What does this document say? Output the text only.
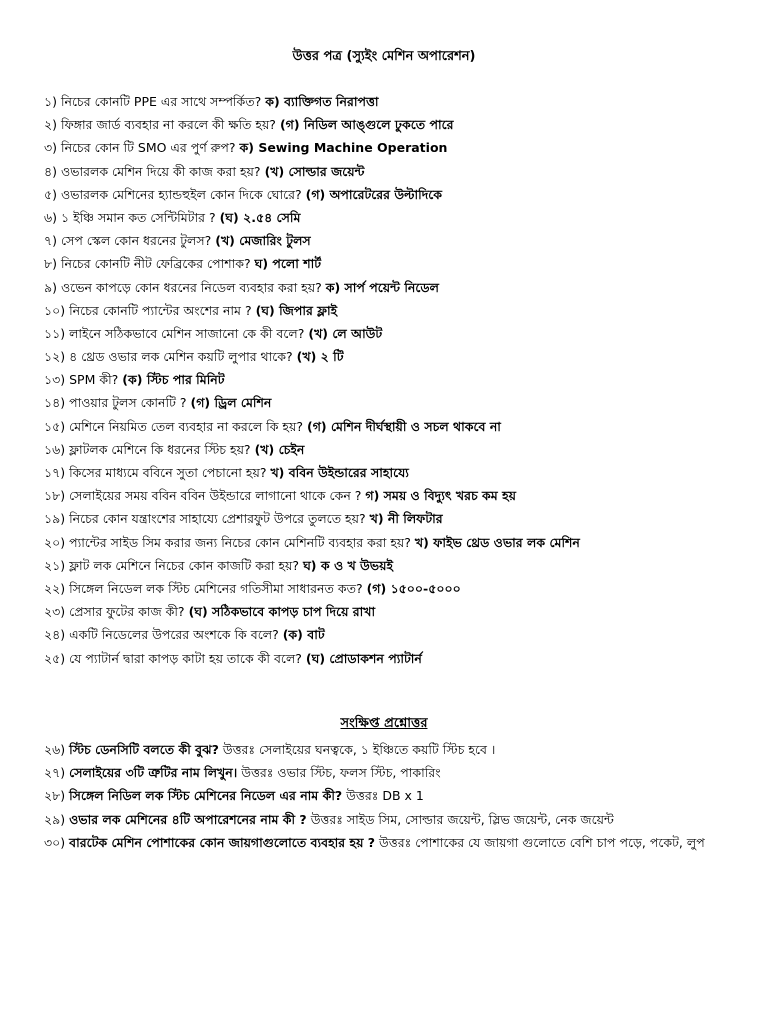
উত্তর পত্র (স্যুইং মেশিন অপারেশন)
১) নিচের কোনটি PPE এর সাথে সম্পর্কিত? ক) ব্যাক্তিগত নিরাপত্তা
২) ফিঙ্গার জার্ড ব্যবহার না করলে কী ক্ষতি হয়? (গ) নিডিল আঙ্গুলে ঢুকতে পারে
৩) নিচের কোন টি SMO এর পুর্ণ রুপ? ক) Sewing Machine Operation
৪) ওভারলক মেশিন দিয়ে কী কাজ করা হয়? (খ) সোল্ডার জয়েন্ট
৫) ওভারলক মেশিনের হ্যান্ডহুইল কোন দিকে ঘোরে? (গ) অপারেটরের উল্টাদিকে
৬) ১ ইঞ্চি সমান কত সেন্টিমিটার ? (ঘ) ২.৫৪ সেমি
৭) সেপ স্কেল কোন ধরনের টুলস? (খ) মেজারিং টুলস
৮) নিচের কোনটি নীট ফেব্রিকের পোশাক? ঘ) পলো শার্ট
৯) ওভেন কাপড়ে কোন ধরনের নিডেল ব্যবহার করা হয়? ক) সার্প পয়েন্ট নিডেল
১০) নিচের কোনটি প্যান্টের অংশের নাম ? (ঘ) জিপার ফ্লাই
১১) লাইনে সঠিকভাবে মেশিন সাজানো কে কী বলে? (খ) লে আউট
১২) ৪ থ্রেড ওভার লক মেশিন কয়টি লুপার থাকে? (খ) ২ টি
১৩) SPM কী? (ক) স্টিচ পার মিনিট
১৪) পাওয়ার টুলস কোনটি ? (গ) ড্রিল মেশিন
১৫) মেশিনে নিয়মিত তেল ব্যবহার না করলে কি হয়? (গ) মেশিন দীর্ঘস্থায়ী ও সচল থাকবে না
১৬) ফ্লাটলক মেশিনে কি ধরনের স্টিচ হয়? (খ) চেইন
১৭) কিসের মাধ্যমে ববিনে সুতা পেচানো হয়? খ) ববিন উইন্ডারের সাহায্যে
১৮) সেলাইয়ের সময় ববিন ববিন উইন্ডারে লাগানো থাকে কেন ? গ) সময় ও বিদ্যুৎ খরচ কম হয়
১৯) নিচের কোন যন্ত্রাংশের সাহায্যে প্রেশারফুট উপরে তুলতে হয়? খ) নী লিফটার
২০) প্যান্টের সাইড সিম করার জন্য নিচের কোন মেশিনটি ব্যবহার করা হয়? খ) ফাইভ থ্রেড ওভার লক মেশিন
২১) ফ্লাট লক মেশিনে নিচের কোন কাজটি করা হয়? ঘ) ক ও খ উভয়ই
২২) সিঙ্গেল নিডেল লক স্টিচ মেশিনের গতিসীমা সাধারনত কত? (গ) ১৫০০-৫০০০
২৩) প্রেসার ফুটের কাজ কী? (ঘ) সঠিকভাবে কাপড় চাপ দিয়ে রাখা
২৪) একটি নিডেলের উপরের অংশকে কি বলে? (ক) বাট
২৫) যে প্যাটার্ন দ্বারা কাপড় কাটা হয় তাকে কী বলে? (ঘ) প্রোডাকশন প্যাটার্ন
সংক্ষিপ্ত প্রশ্নোত্তর
২৬) স্টিচ ডেনসিটি বলতে কী বুঝ? উত্তরঃ সেলাইয়ের ঘনত্বকে, ১ ইঞ্চিতে কয়টি স্টিচ হবে ।
২৭) সেলাইয়ের ৩টি ত্রুটির নাম লিখুন। উত্তরঃ ওভার স্টিচ, ফলস স্টিচ, পাকারিং
২৮) সিঙ্গেল নিডিল লক স্টিচ মেশিনের নিডেল এর নাম কী? উত্তরঃ DB x 1
২৯) ওভার লক মেশিনের ৪টি অপারেশনের নাম কী ? উত্তরঃ সাইড সিম, সোল্ডার জয়েন্ট, স্লিভ জয়েন্ট, নেক জয়েন্ট
৩০) বারটেক মেশিন পোশাকের কোন জায়গাগুলোতে ব্যবহার হয় ? উত্তরঃ পোশাকের যে জায়গা গুলোতে বেশি চাপ পড়ে, পকেট, লুপ
